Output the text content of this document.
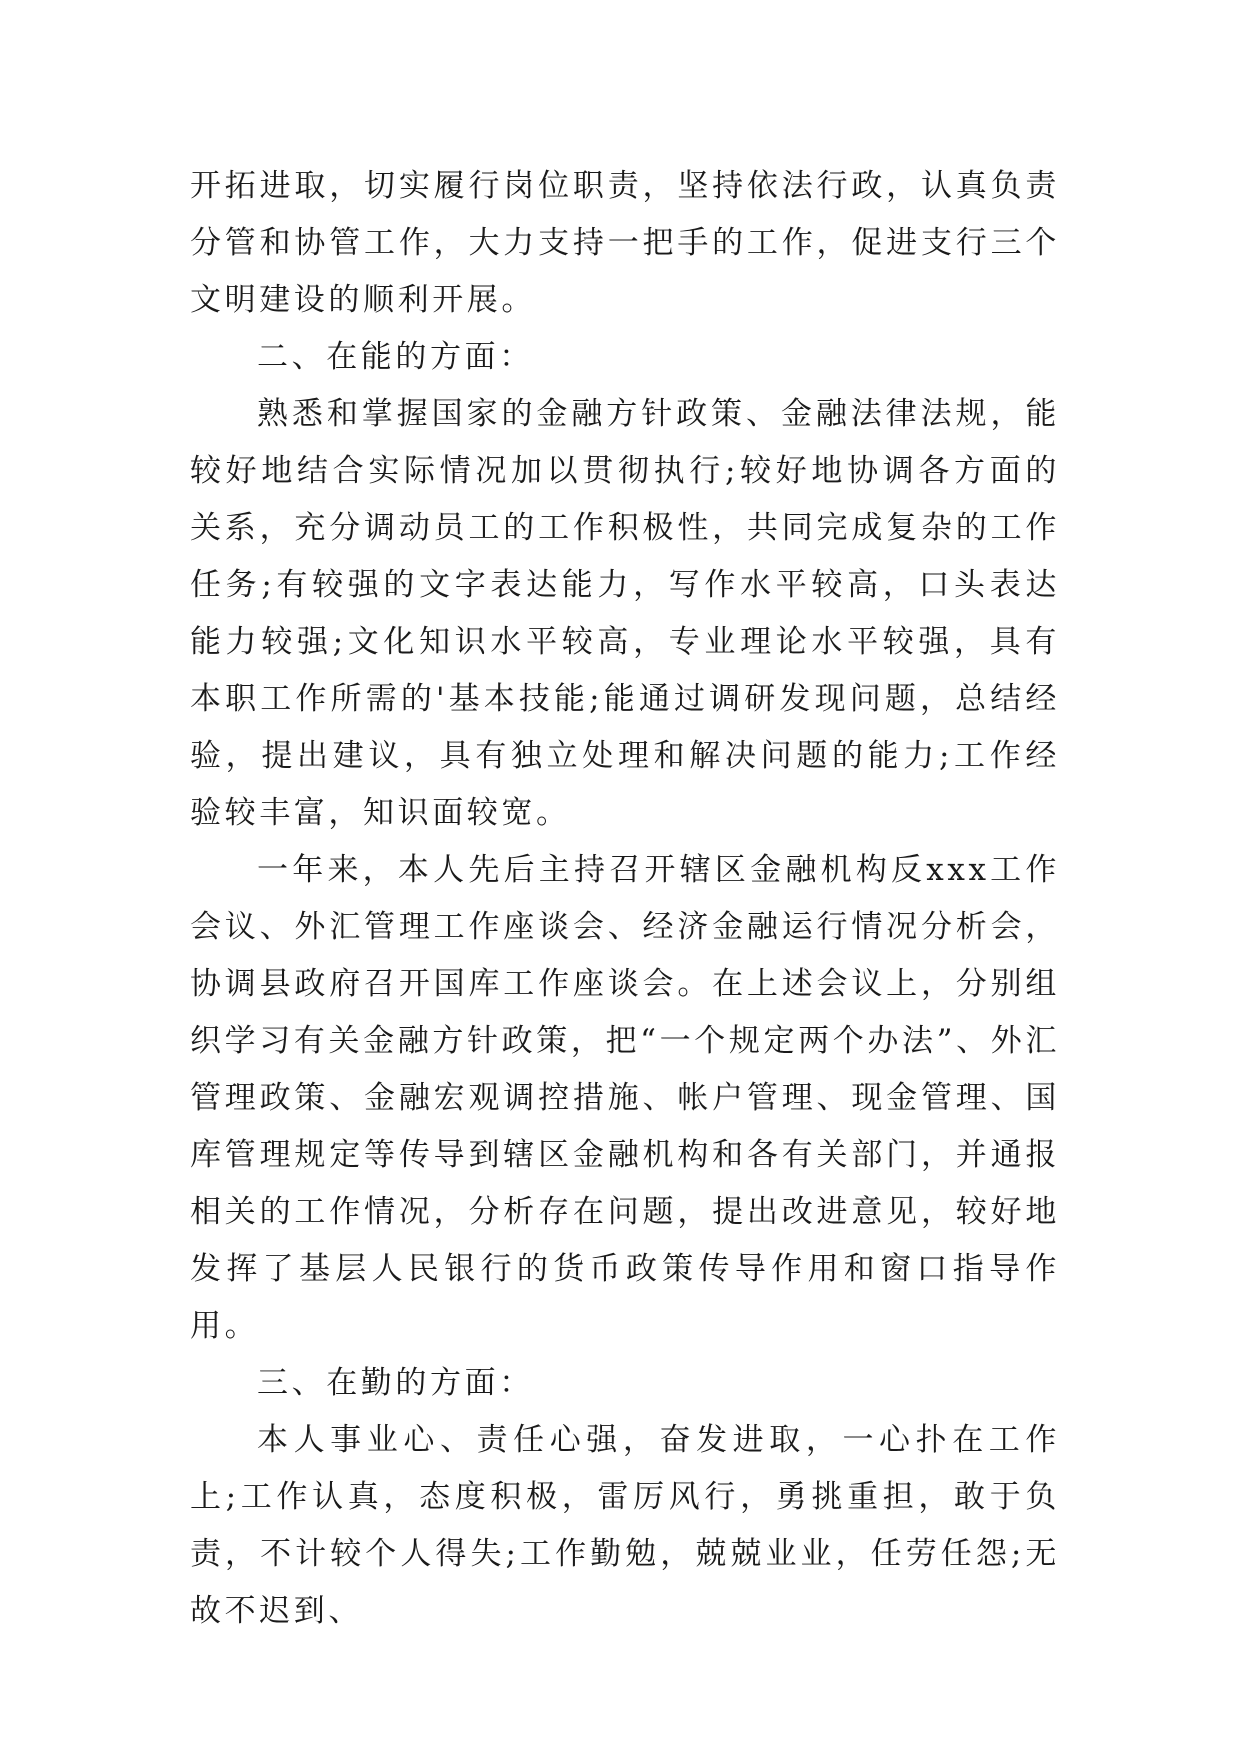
开拓进取，切实履行岗位职责，坚持依法行政，认真负责分管和协管工作，大力支持一把手的工作，促进支行三个文明建设的顺利开展。

二、在能的方面：

熟悉和掌握国家的金融方针政策、金融法律法规，能较好地结合实际情况加以贯彻执行;较好地协调各方面的关系，充分调动员工的工作积极性，共同完成复杂的工作任务;有较强的文字表达能力，写作水平较高，口头表达能力较强;文化知识水平较高，专业理论水平较强，具有本职工作所需的'基本技能;能通过调研发现问题，总结经验，提出建议，具有独立处理和解决问题的能力;工作经验较丰富，知识面较宽。

一年来，本人先后主持召开辖区金融机构反xxx工作会议、外汇管理工作座谈会、经济金融运行情况分析会，协调县政府召开国库工作座谈会。在上述会议上，分别组织学习有关金融方针政策，把“一个规定两个办法”、外汇管理政策、金融宏观调控措施、帐户管理、现金管理、国库管理规定等传导到辖区金融机构和各有关部门，并通报相关的工作情况，分析存在问题，提出改进意见，较好地发挥了基层人民银行的货币政策传导作用和窗口指导作用。

三、在勤的方面：

本人事业心、责任心强，奋发进取，一心扑在工作上;工作认真，态度积极，雷厉风行，勇挑重担，敢于负责，不计较个人得失;工作勤勉，兢兢业业，任劳任怨;无故不迟到、
